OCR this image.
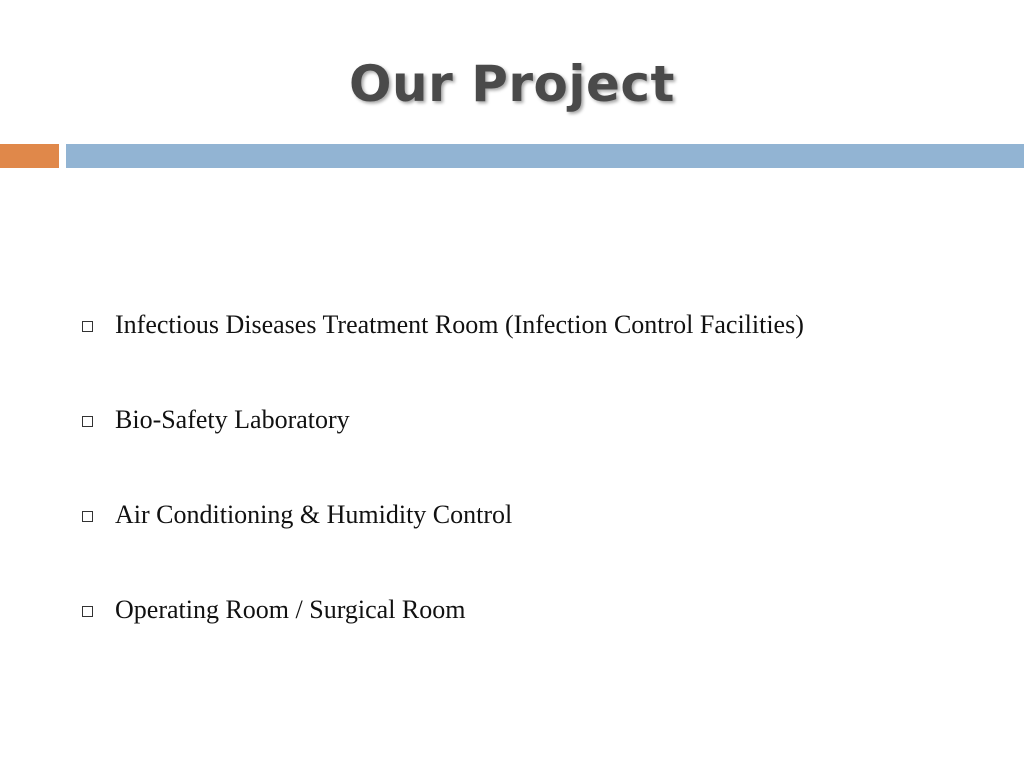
Our Project
Infectious Diseases Treatment Room (Infection Control Facilities)
Bio-Safety Laboratory
Air Conditioning & Humidity Control
Operating Room / Surgical Room
